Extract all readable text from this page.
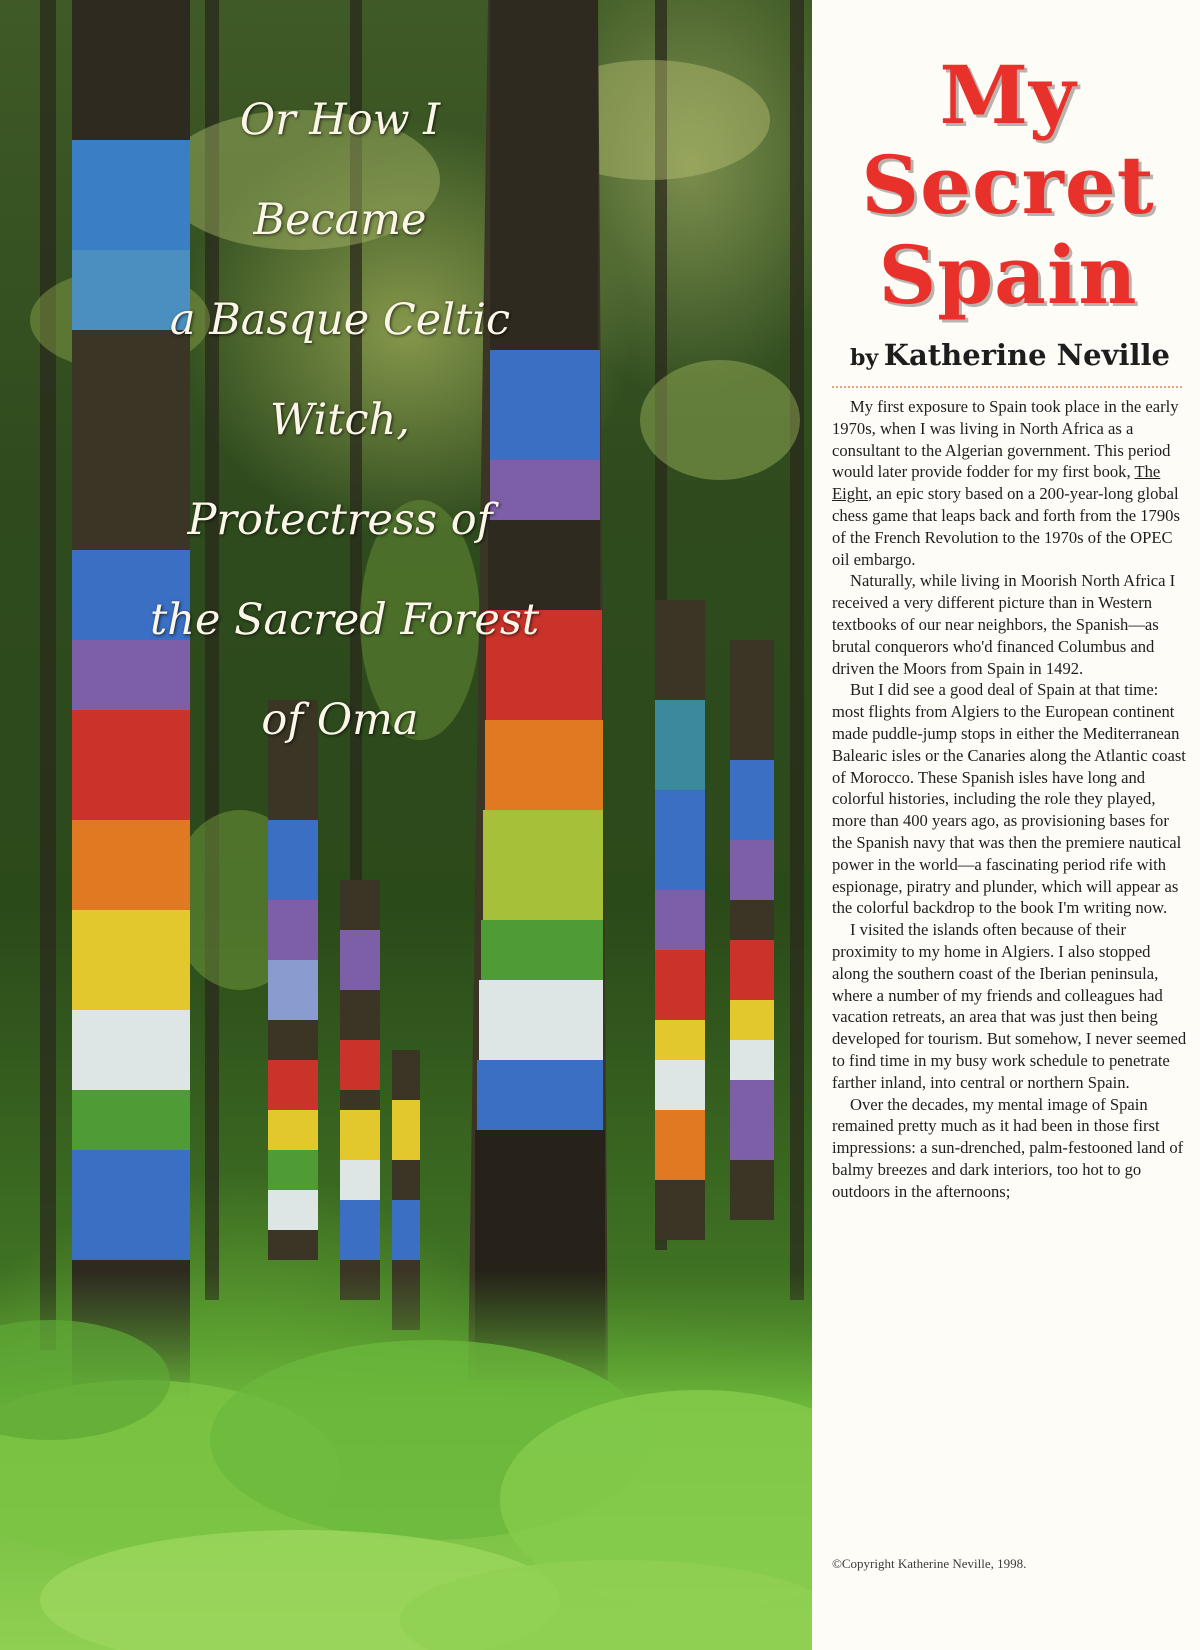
Or How I
Became
a Basque Celtic
Witch,
Protectress of
the Sacred Forest
of Oma
My
Secret
Spain
by Katherine Neville

My first exposure to Spain took place in the early 1970s, when I was living in North Africa as a consultant to the Algerian government. This period would later provide fodder for my first book, The Eight, an epic story based on a 200-year-long global chess game that leaps back and forth from the 1790s of the French Revolution to the 1970s of the OPEC oil embargo.

Naturally, while living in Moorish North Africa I received a very different picture than in Western textbooks of our near neighbors, the Spanish—as brutal conquerors who'd financed Columbus and driven the Moors from Spain in 1492.

But I did see a good deal of Spain at that time: most flights from Algiers to the European continent made puddle-jump stops in either the Mediterranean Balearic isles or the Canaries along the Atlantic coast of Morocco. These Spanish isles have long and colorful histories, including the role they played, more than 400 years ago, as provisioning bases for the Spanish navy that was then the premiere nautical power in the world—a fascinating period rife with espionage, piratry and plunder, which will appear as the colorful backdrop to the book I'm writing now.

I visited the islands often because of their proximity to my home in Algiers. I also stopped along the southern coast of the Iberian peninsula, where a number of my friends and colleagues had vacation retreats, an area that was just then being developed for tourism. But somehow, I never seemed to find time in my busy work schedule to penetrate farther inland, into central or northern Spain.

Over the decades, my mental image of Spain remained pretty much as it had been in those first impressions: a sun-drenched, palm-festooned land of balmy breezes and dark interiors, too hot to go outdoors in the afternoons;

©Copyright Katherine Neville, 1998.
